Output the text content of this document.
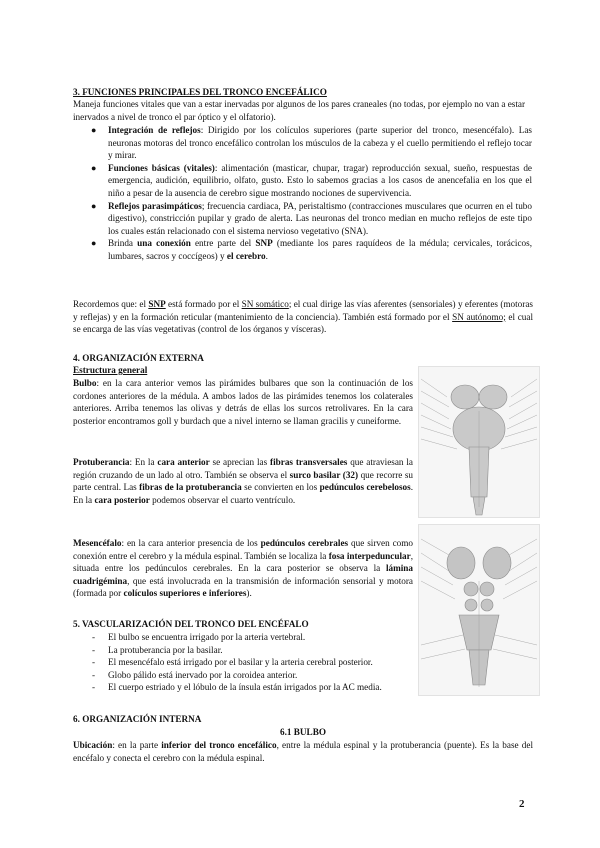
3. FUNCIONES PRINCIPALES DEL TRONCO ENCEFÁLICO

Maneja funciones vitales que van a estar inervadas por algunos de los pares craneales (no todas, por ejemplo no van a estar inervados a nivel de tronco el par óptico y el olfatorio).

● Integración de reflejos: Dirigido por los colículos superiores (parte superior del tronco, mesencéfalo). Las neuronas motoras del tronco encefálico controlan los músculos de la cabeza y el cuello permitiendo el reflejo tocar y mirar.
● Funciones básicas (vitales): alimentación (masticar, chupar, tragar) reproducción sexual, sueño, respuestas de emergencia, audición, equilibrio, olfato, gusto. Esto lo sabemos gracias a los casos de anencefalia en los que el niño a pesar de la ausencia de cerebro sigue mostrando nociones de supervivencia.
● Reflejos parasimpáticos; frecuencia cardiaca, PA, peristaltismo (contracciones musculares que ocurren en el tubo digestivo), constricción pupilar y grado de alerta. Las neuronas del tronco median en mucho reflejos de este tipo los cuales están relacionado con el sistema nervioso vegetativo (SNA).
● Brinda una conexión entre parte del SNP (mediante los pares raquídeos de la médula; cervicales, torácicos, lumbares, sacros y coccígeos) y el cerebro.

Recordemos que: el SNP está formado por el SN somático; el cual dirige las vías aferentes (sensoriales) y eferentes (motoras y reflejas) y en la formación reticular (mantenimiento de la conciencia). También está formado por el SN autónomo; el cual se encarga de las vías vegetativas (control de los órganos y vísceras).

4. ORGANIZACIÓN EXTERNA
Estructura general

Bulbo: en la cara anterior vemos las pirámides bulbares que son la continuación de los cordones anteriores de la médula. A ambos lados de las pirámides tenemos los colaterales anteriores. Arriba tenemos las olivas y detrás de ellas los surcos retrolivares. En la cara posterior encontramos goll y burdach que a nivel interno se llaman gracilis y cuneiforme.

Protuberancia: En la cara anterior se aprecian las fibras transversales que atraviesan la región cruzando de un lado al otro. También se observa el surco basilar (32) que recorre su parte central. Las fibras de la protuberancia se convierten en los pedúnculos cerebelosos. En la cara posterior podemos observar el cuarto ventrículo.

Mesencéfalo: en la cara anterior presencia de los pedúnculos cerebrales que sirven como conexión entre el cerebro y la médula espinal. También se localiza la fosa interpeduncular, situada entre los pedúnculos cerebrales. En la cara posterior se observa la lámina cuadrigémina, que está involucrada en la transmisión de información sensorial y motora (formada por colículos superiores e inferiores).

5. VASCULARIZACIÓN DEL TRONCO DEL ENCÉFALO
- El bulbo se encuentra irrigado por la arteria vertebral.
- La protuberancia por la basilar.
- El mesencéfalo está irrigado por el basilar y la arteria cerebral posterior.
- Globo pálido está inervado por la coroidea anterior.
- El cuerpo estriado y el lóbulo de la ínsula están irrigados por la AC media.
6. ORGANIZACIÓN INTERNA
6.1 BULBO

Ubicación: en la parte inferior del tronco encefálico, entre la médula espinal y la protuberancia (puente). Es la base del encéfalo y conecta el cerebro con la médula espinal.

2
